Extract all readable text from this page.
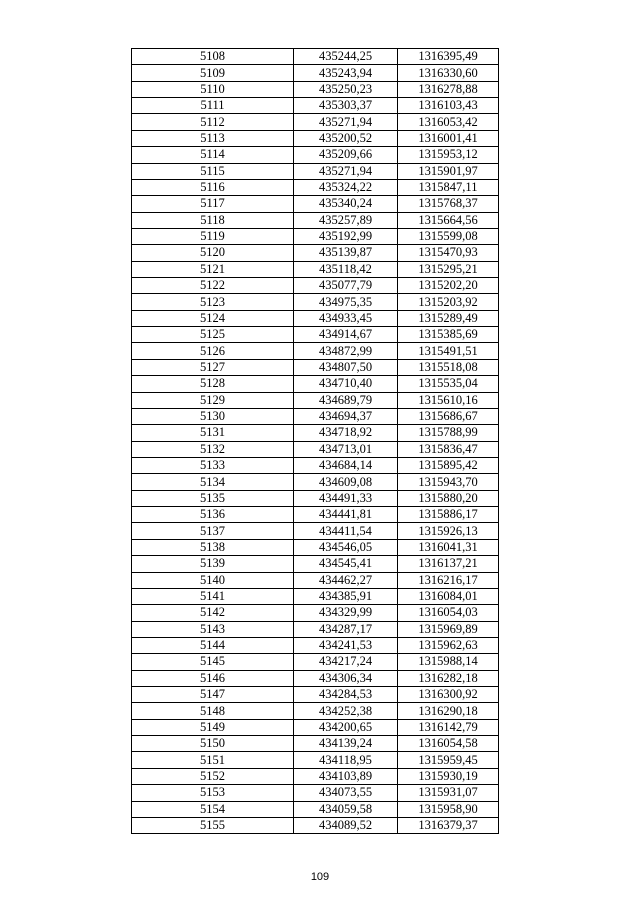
5108	435244,25	1316395,49
5109	435243,94	1316330,60
5110	435250,23	1316278,88
5111	435303,37	1316103,43
5112	435271,94	1316053,42
5113	435200,52	1316001,41
5114	435209,66	1315953,12
5115	435271,94	1315901,97
5116	435324,22	1315847,11
5117	435340,24	1315768,37
5118	435257,89	1315664,56
5119	435192,99	1315599,08
5120	435139,87	1315470,93
5121	435118,42	1315295,21
5122	435077,79	1315202,20
5123	434975,35	1315203,92
5124	434933,45	1315289,49
5125	434914,67	1315385,69
5126	434872,99	1315491,51
5127	434807,50	1315518,08
5128	434710,40	1315535,04
5129	434689,79	1315610,16
5130	434694,37	1315686,67
5131	434718,92	1315788,99
5132	434713,01	1315836,47
5133	434684,14	1315895,42
5134	434609,08	1315943,70
5135	434491,33	1315880,20
5136	434441,81	1315886,17
5137	434411,54	1315926,13
5138	434546,05	1316041,31
5139	434545,41	1316137,21
5140	434462,27	1316216,17
5141	434385,91	1316084,01
5142	434329,99	1316054,03
5143	434287,17	1315969,89
5144	434241,53	1315962,63
5145	434217,24	1315988,14
5146	434306,34	1316282,18
5147	434284,53	1316300,92
5148	434252,38	1316290,18
5149	434200,65	1316142,79
5150	434139,24	1316054,58
5151	434118,95	1315959,45
5152	434103,89	1315930,19
5153	434073,55	1315931,07
5154	434059,58	1315958,90
5155	434089,52	1316379,37
109
